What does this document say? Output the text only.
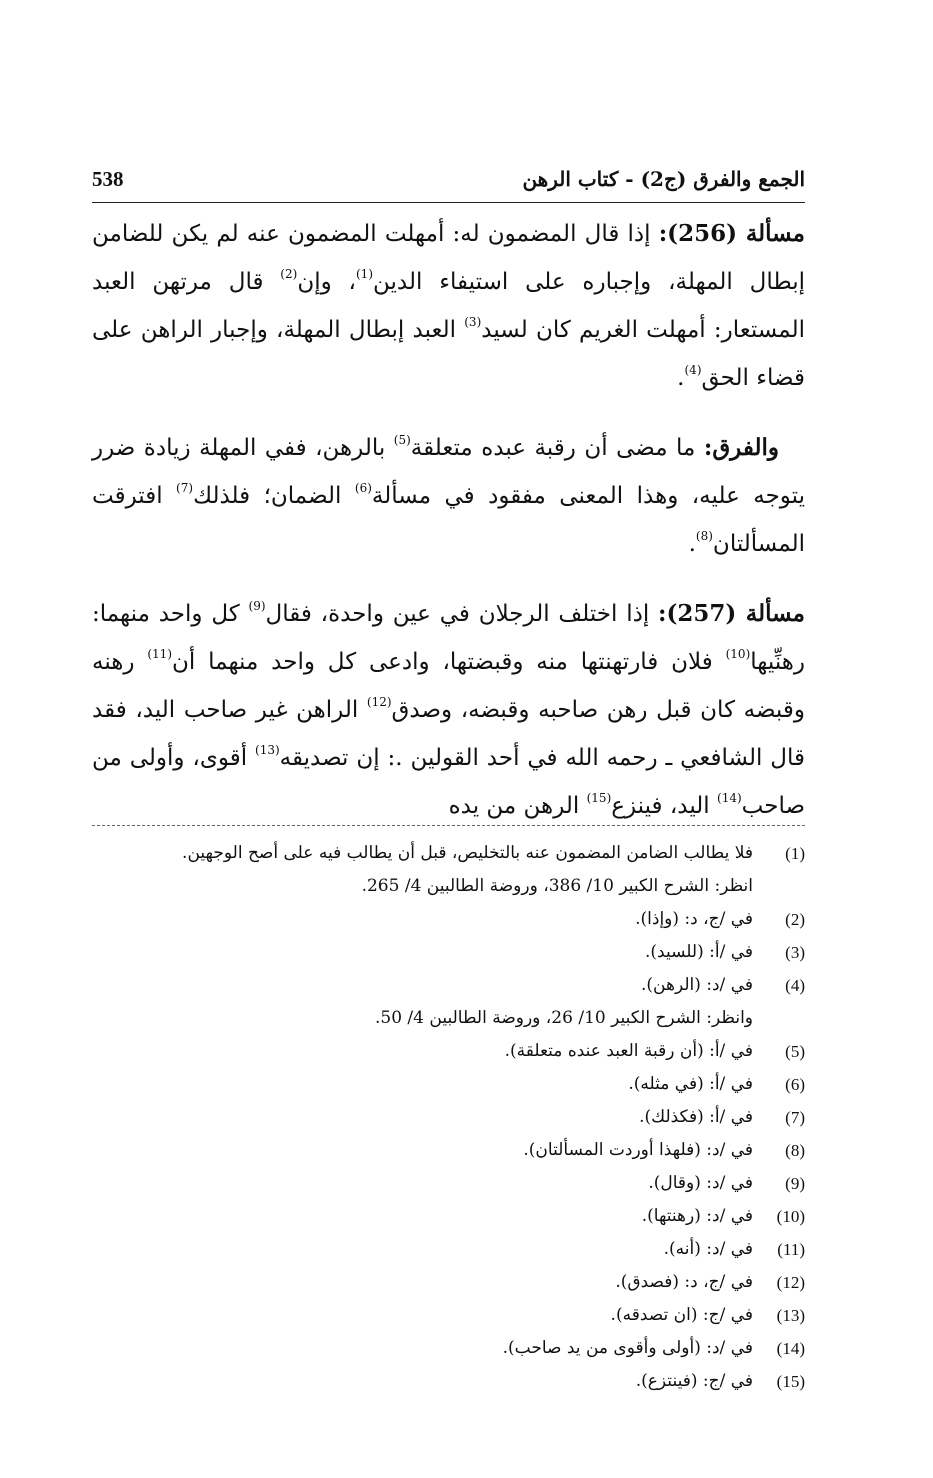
538	الجمع والفرق (ج2) - كتاب الرهن

مسألة (256): إذا قال المضمون له: أمهلت المضمون عنه لم يكن للضامن إبطال المهلة، وإجباره على استيفاء الدين$^{(1)}$، وإن$^{(2)}$ قال مرتهن العبد المستعار: أمهلت الغريم كان لسيد$^{(3)}$ العبد إبطال المهلة، وإجبار الراهن على قضاء الحق$^{(4)}$.

والفرق: ما مضى أن رقبة عبده متعلقة$^{(5)}$ بالرهن، ففي المهلة زيادة ضرر يتوجه عليه، وهذا المعنى مفقود في مسألة$^{(6)}$ الضمان؛ فلذلك$^{(7)}$ افترقت المسألتان$^{(8)}$.

مسألة (257): إذا اختلف الرجلان في عين واحدة، فقال$^{(9)}$ كل واحد منهما: رهنِّيها$^{(10)}$ فلان فارتهنتها منه وقبضتها، وادعى كل واحد منهما أن$^{(11)}$ رهنه وقبضه كان قبل رهن صاحبه وقبضه، وصدق$^{(12)}$ الراهن غير صاحب اليد، فقد قال الشافعي ـ رحمه الله في أحد القولين .: إن تصديقه$^{(13)}$ أقوى، وأولى من صاحب$^{(14)}$ اليد، فينزع$^{(15)}$ الرهن من يده

(1)
فلا يطالب الضامن المضمون عنه بالتخليص، قبل أن يطالب فيه على أصح الوجهين.
انظر: الشرح الكبير 10/ 386، وروضة الطالبين 4/ 265.
(2)
في /ج، د: (وإذا).
(3)
في /أ: (للسيد).
(4)
في /د: (الرهن).
وانظر: الشرح الكبير 10/ 26، وروضة الطالبين 4/ 50.
(5)
في /أ: (أن رقبة العبد عنده متعلقة).
(6)
في /أ: (في مثله).
(7)
في /أ: (فكذلك).
(8)
في /د: (فلهذا أوردت المسألتان).
(9)
في /د: (وقال).
(10)
في /د: (رهنتها).
(11)
في /د: (أنه).
(12)
في /ج، د: (فصدق).
(13)
في /ج: (ان تصدقه).
(14)
في /د: (أولى وأقوى من يد صاحب).
(15)
في /ج: (فينتزع).
